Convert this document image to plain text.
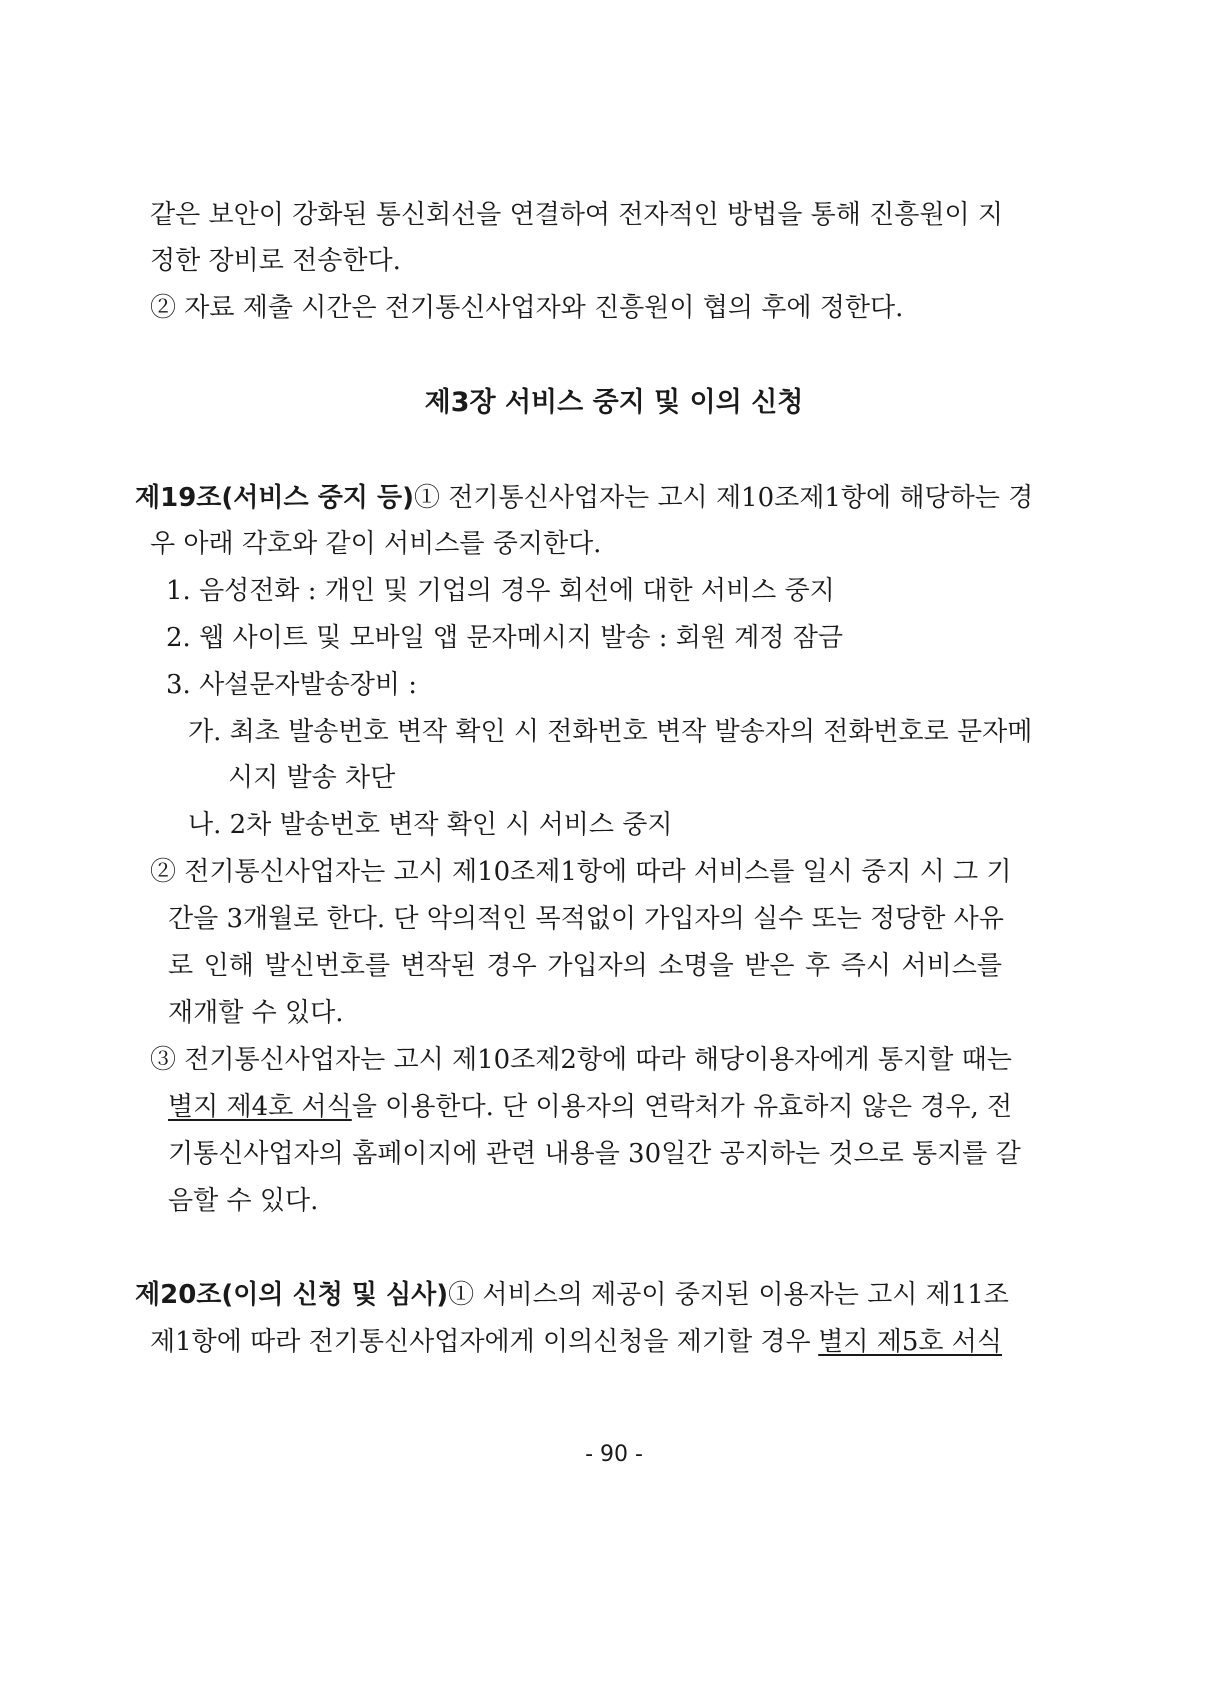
같은 보안이 강화된 통신회선을 연결하여 전자적인 방법을 통해 진흥원이 지
정한 장비로 전송한다.
② 자료 제출 시간은 전기통신사업자와 진흥원이 협의 후에 정한다.
제3장 서비스 중지 및 이의 신청
제19조(서비스 중지 등) ① 전기통신사업자는 고시 제10조제1항에 해당하는 경
우 아래 각호와 같이 서비스를 중지한다.
1. 음성전화 : 개인 및 기업의 경우 회선에 대한 서비스 중지
2. 웹 사이트 및 모바일 앱 문자메시지 발송 : 회원 계정 잠금
3. 사설문자발송장비 :
가. 최초 발송번호 변작 확인 시 전화번호 변작 발송자의 전화번호로 문자메
시지 발송 차단
나. 2차 발송번호 변작 확인 시 서비스 중지
② 전기통신사업자는 고시 제10조제1항에 따라 서비스를 일시 중지 시 그 기
간을 3개월로 한다. 단 악의적인 목적없이 가입자의 실수 또는 정당한 사유
로 인해 발신번호를 변작된 경우 가입자의 소명을 받은 후 즉시 서비스를
재개할 수 있다.
③ 전기통신사업자는 고시 제10조제2항에 따라 해당이용자에게 통지할 때는
별지 제4호 서식 을 이용한다. 단 이용자의 연락처가 유효하지 않은 경우, 전
기통신사업자의 홈페이지에 관련 내용을 30일간 공지하는 것으로 통지를 갈
음할 수 있다.
제20조(이의 신청 및 심사) ① 서비스의 제공이 중지된 이용자는 고시 제11조
제1항에 따라 전기통신사업자에게 이의신청을 제기할 경우 별지 제5호 서식
- 90 -
